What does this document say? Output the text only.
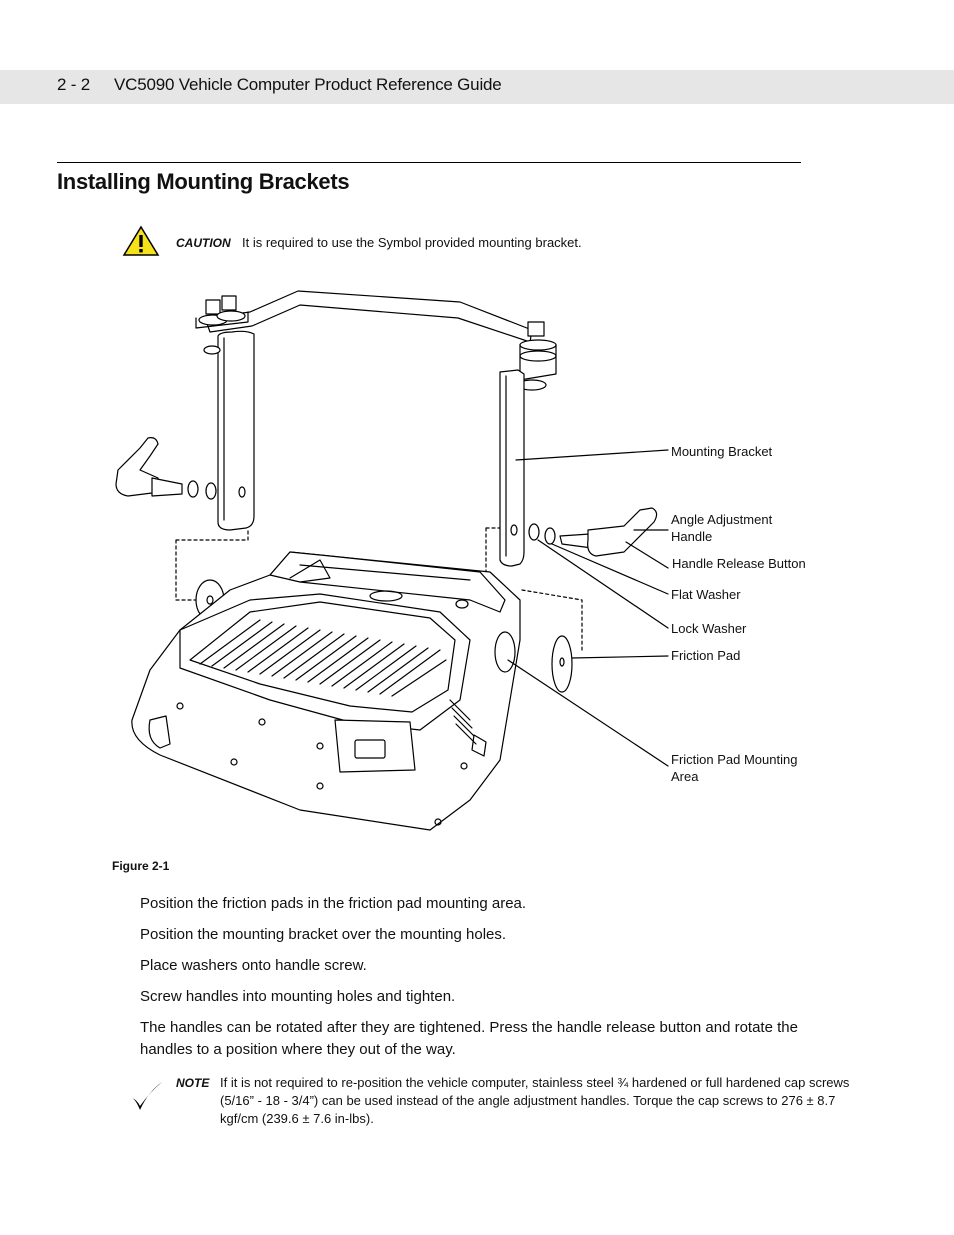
2 - 2 VC5090 Vehicle Computer Product Reference Guide
Installing Mounting Brackets
CAUTION It is required to use the Symbol provided mounting bracket.
Mounting Bracket
Angle Adjustment Handle
Handle Release Button
Flat Washer
Lock Washer
Friction Pad
Friction Pad Mounting Area
Figure 2-1
Position the friction pads in the friction pad mounting area.
Position the mounting bracket over the mounting holes.
Place washers onto handle screw.
Screw handles into mounting holes and tighten.
The handles can be rotated after they are tightened. Press the handle release button and rotate the handles to a position where they out of the way.
NOTE If it is not required to re-position the vehicle computer, stainless steel ¾ hardened or full hardened cap screws (5/16” - 18 - 3/4”) can be used instead of the angle adjustment handles. Torque the cap screws to 276 ± 8.7 kgf/cm (239.6 ± 7.6 in-lbs).
